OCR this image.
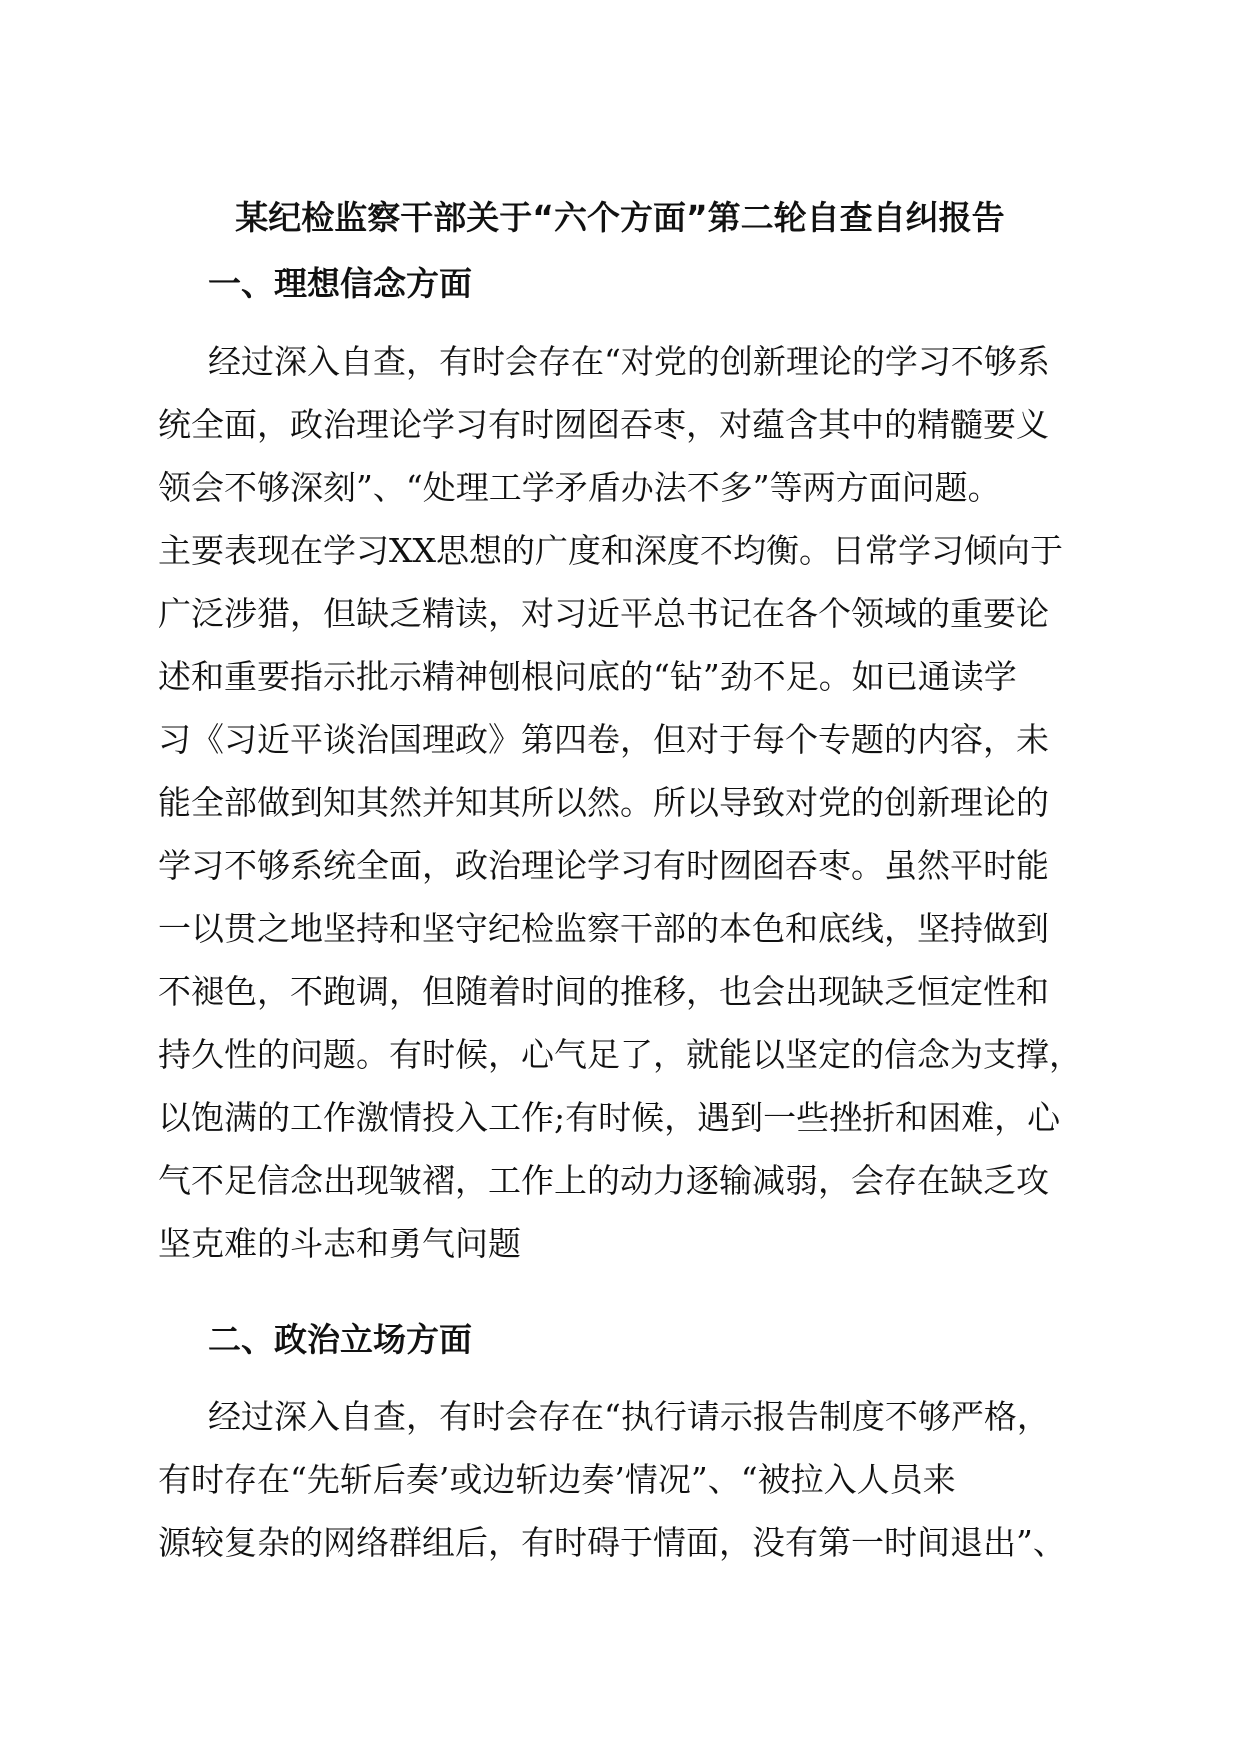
某纪检监察干部关于“六个方面”第二轮自查自纠报告
一、理想信念方面

经过深入自查，有时会存在“对党的创新理论的学习不够系

统全面，政治理论学习有时囫囵吞枣，对蕴含其中的精髓要义

领会不够深刻”、“处理工学矛盾办法不多”等两方面问题。

主要表现在学习XX思想的广度和深度不均衡。日常学习倾向于

广泛涉猎，但缺乏精读，对习近平总书记在各个领域的重要论

述和重要指示批示精神刨根问底的“钻”劲不足。如已通读学

习《习近平谈治国理政》第四卷，但对于每个专题的内容，未

能全部做到知其然并知其所以然。所以导致对党的创新理论的

学习不够系统全面，政治理论学习有时囫囵吞枣。虽然平时能

一以贯之地坚持和坚守纪检监察干部的本色和底线，坚持做到

不褪色，不跑调，但随着时间的推移，也会出现缺乏恒定性和

持久性的问题。有时候，心气足了，就能以坚定的信念为支撑，

以饱满的工作激情投入工作;有时候，遇到一些挫折和困难，心

气不足信念出现皱褶，工作上的动力逐输减弱，会存在缺乏攻

坚克难的斗志和勇气问题

二、政治立场方面

经过深入自查，有时会存在“执行请示报告制度不够严格，

有时存在“先斩后奏’或边斩边奏’情况”、“被拉入人员来

源较复杂的网络群组后，有时碍于情面，没有第一时间退出”、
